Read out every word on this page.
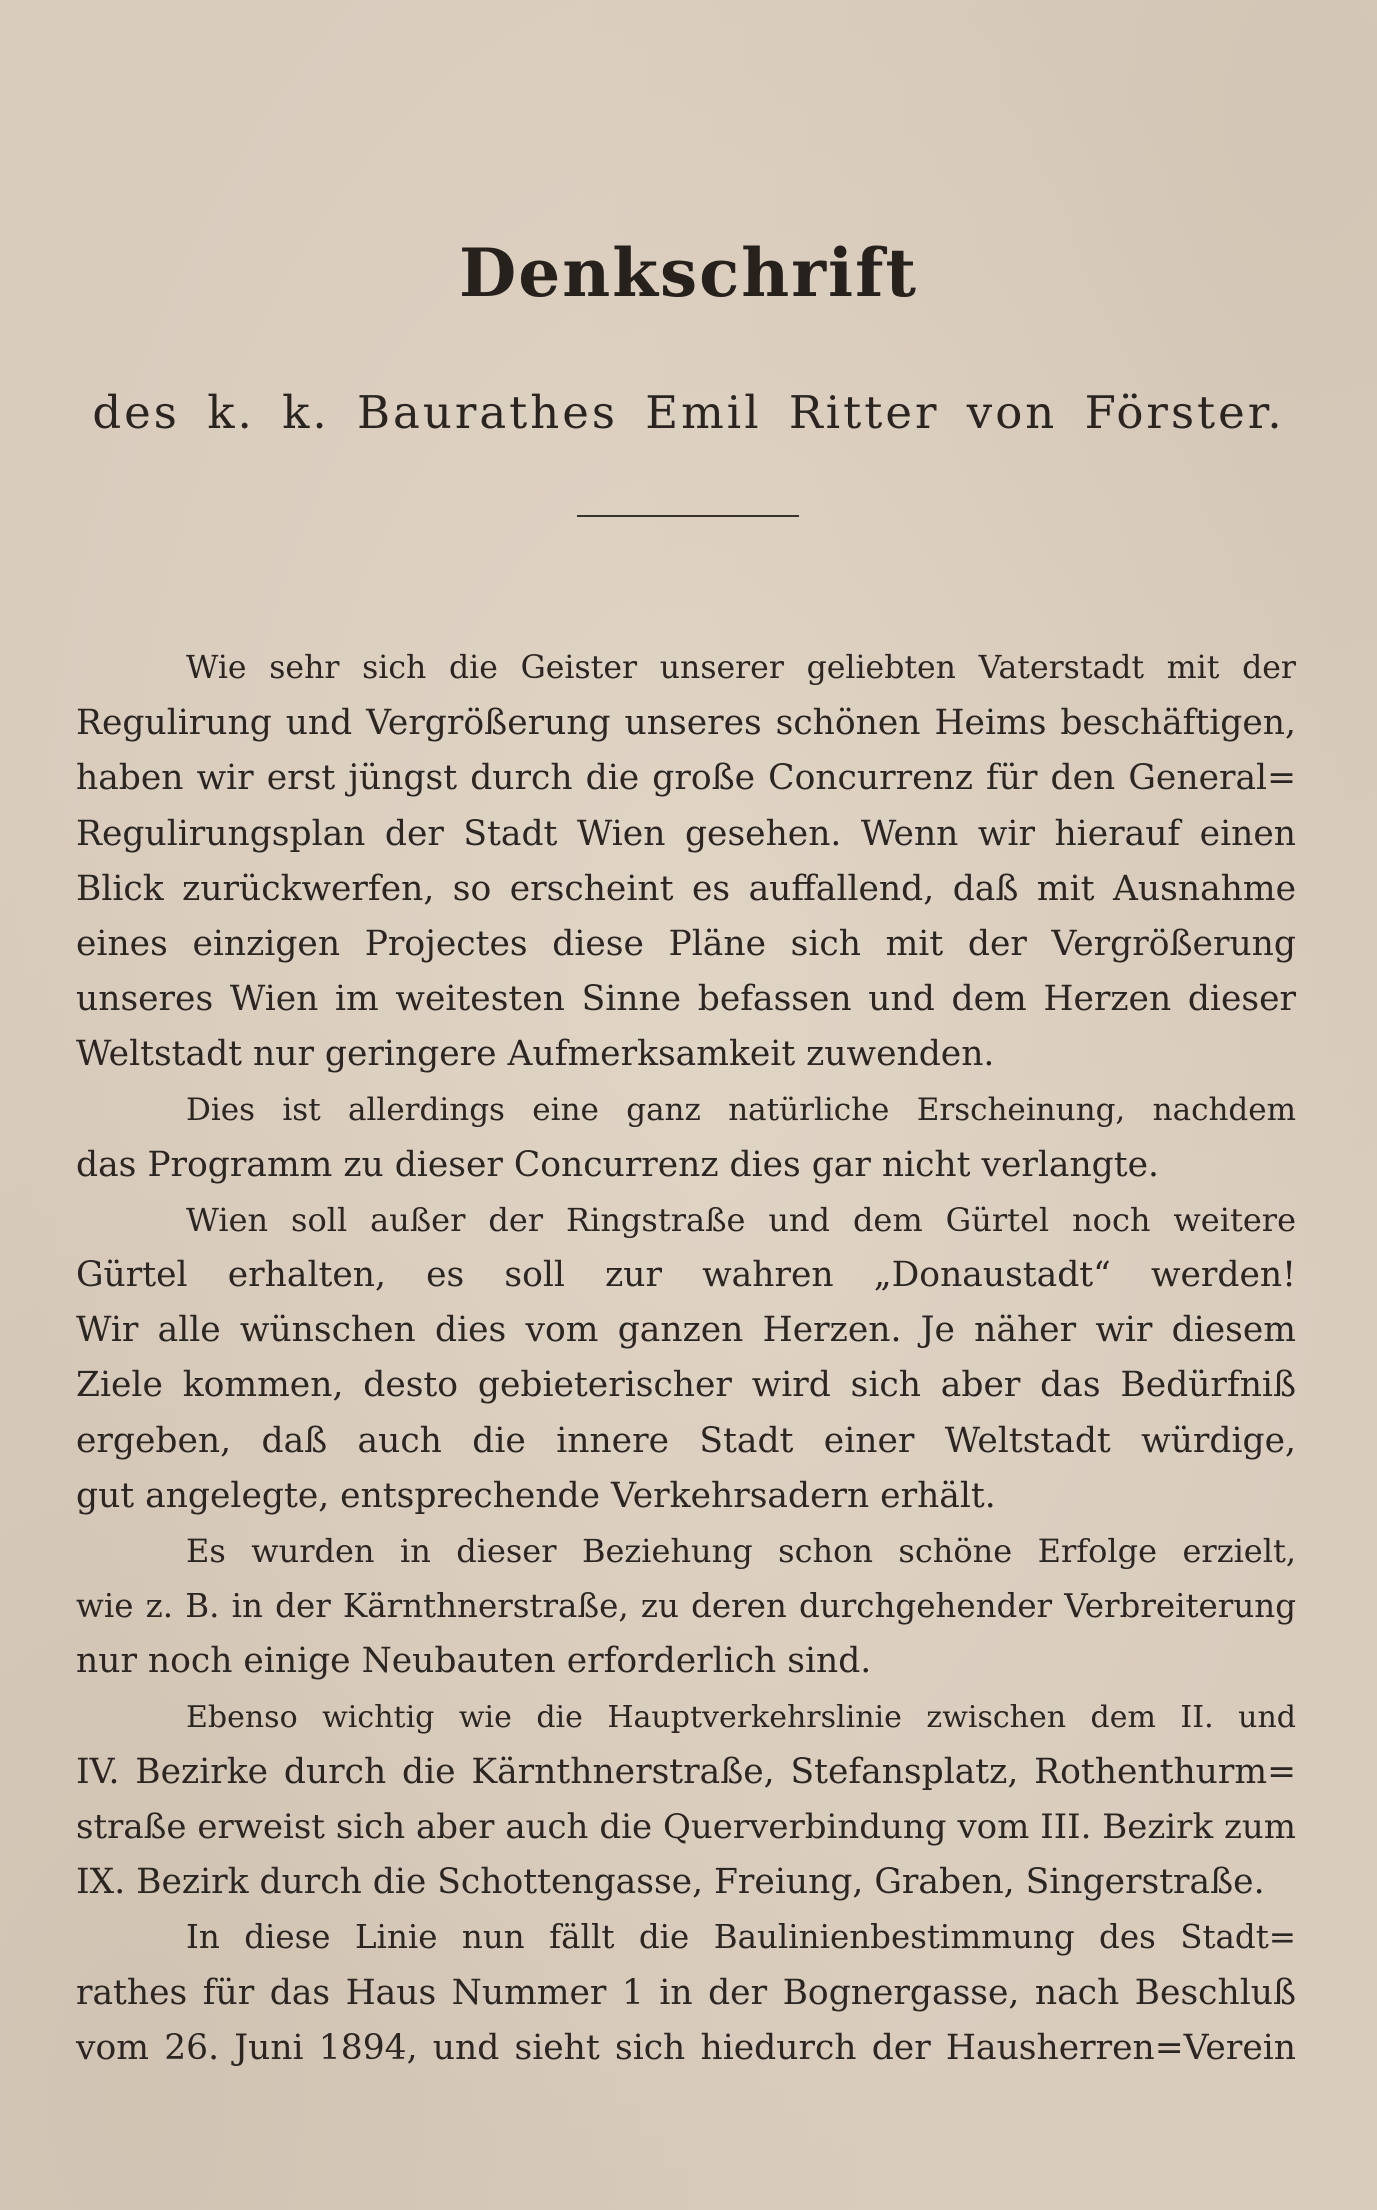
Denkschrift
des k. k. Baurathes Emil Ritter von Förster.
Wie sehr sich die Geister unserer geliebten Vaterstadt mit der
Regulirung und Vergrößerung unseres schönen Heims beschäftigen,
haben wir erst jüngst durch die große Concurrenz für den General=
Regulirungsplan der Stadt Wien gesehen. Wenn wir hierauf einen
Blick zurückwerfen, so erscheint es auffallend, daß mit Ausnahme
eines einzigen Projectes diese Pläne sich mit der Vergrößerung
unseres Wien im weitesten Sinne befassen und dem Herzen dieser
Weltstadt nur geringere Aufmerksamkeit zuwenden.
Dies ist allerdings eine ganz natürliche Erscheinung, nachdem
das Programm zu dieser Concurrenz dies gar nicht verlangte.
Wien soll außer der Ringstraße und dem Gürtel noch weitere
Gürtel erhalten, es soll zur wahren „Donaustadt“ werden!
Wir alle wünschen dies vom ganzen Herzen. Je näher wir diesem
Ziele kommen, desto gebieterischer wird sich aber das Bedürfniß
ergeben, daß auch die innere Stadt einer Weltstadt würdige,
gut angelegte, entsprechende Verkehrsadern erhält.
Es wurden in dieser Beziehung schon schöne Erfolge erzielt,
wie z. B. in der Kärnthnerstraße, zu deren durchgehender Verbreiterung
nur noch einige Neubauten erforderlich sind.
Ebenso wichtig wie die Hauptverkehrslinie zwischen dem II. und
IV. Bezirke durch die Kärnthnerstraße, Stefansplatz, Rothenthurm=
straße erweist sich aber auch die Querverbindung vom III. Bezirk zum
IX. Bezirk durch die Schottengasse, Freiung, Graben, Singerstraße.
In diese Linie nun fällt die Baulinienbestimmung des Stadt=
rathes für das Haus Nummer 1 in der Bognergasse, nach Beschluß
vom 26. Juni 1894, und sieht sich hiedurch der Hausherren=Verein
